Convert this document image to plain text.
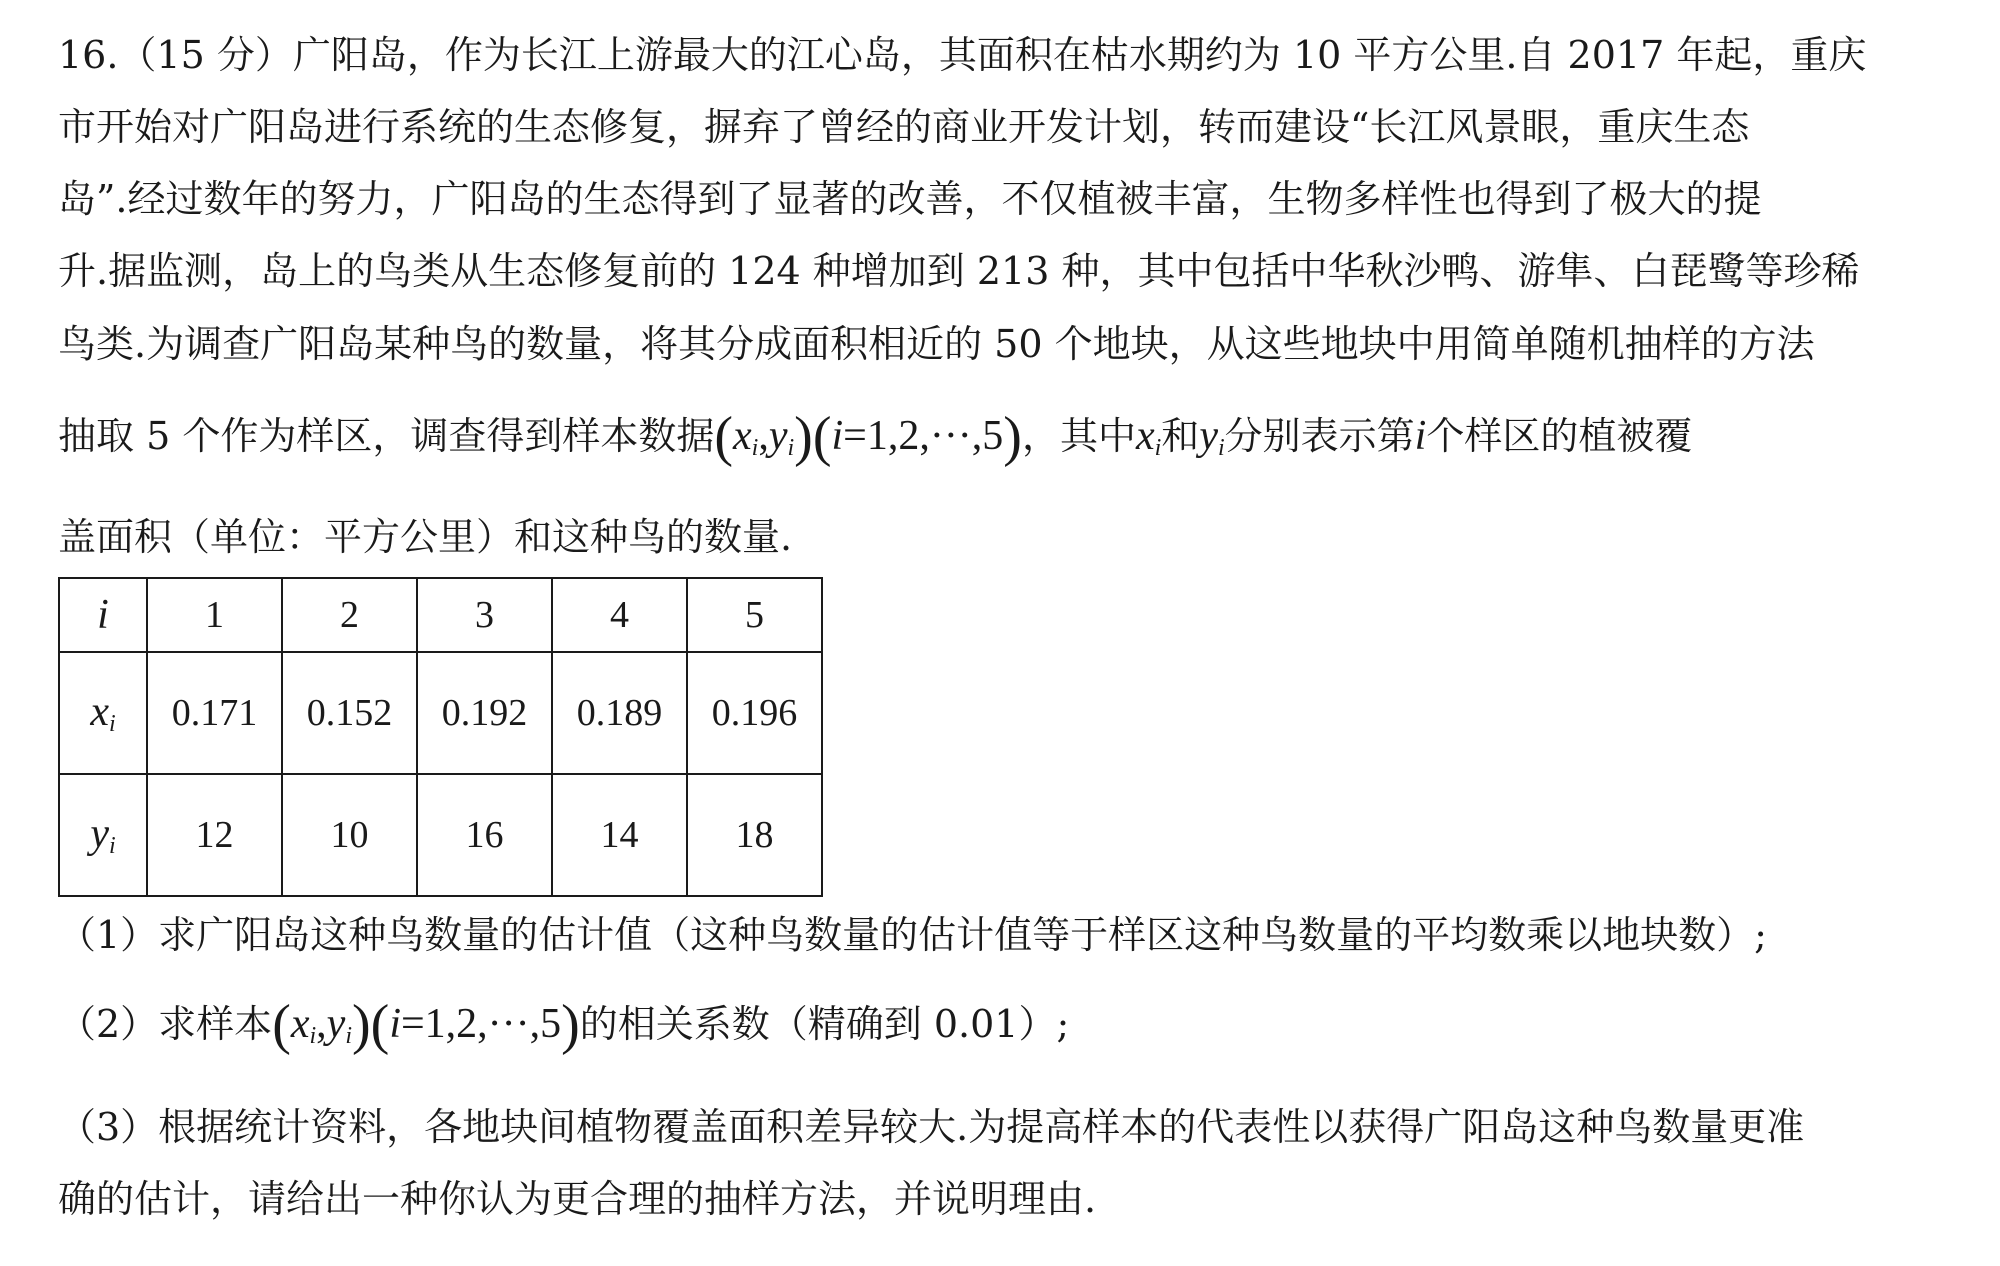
16.（15 分）广阳岛，作为长江上游最大的江心岛，其面积在枯水期约为 10 平方公里.自 2017 年起，重庆
市开始对广阳岛进行系统的生态修复，摒弃了曾经的商业开发计划，转而建设“长江风景眼，重庆生态
岛”.经过数年的努力，广阳岛的生态得到了显著的改善，不仅植被丰富，生物多样性也得到了极大的提
升.据监测，岛上的鸟类从生态修复前的 124 种增加到 213 种，其中包括中华秋沙鸭、游隼、白琵鹭等珍稀
鸟类.为调查广阳岛某种鸟的数量，将其分成面积相近的 50 个地块，从这些地块中用简单随机抽样的方法
抽取 5 个作为样区，调查得到样本数据$(x_i,y_i)(i=1,2,\cdot\cdot\cdot,5)$，其中$x_i$和$y_i$分别表示第i个样区的植被覆
盖面积（单位：平方公里）和这种鸟的数量.
i	1	2	3	4	5
$x_i$	0.171	0.152	0.192	0.189	0.196
$y_i$	12	10	16	14	18
（1）求广阳岛这种鸟数量的估计值（这种鸟数量的估计值等于样区这种鸟数量的平均数乘以地块数）;
（2）求样本$(x_i,y_i)(i=1,2,\cdot\cdot\cdot,5)$的相关系数（精确到 0.01）;
（3）根据统计资料，各地块间植物覆盖面积差异较大.为提高样本的代表性以获得广阳岛这种鸟数量更准
确的估计，请给出一种你认为更合理的抽样方法，并说明理由.
